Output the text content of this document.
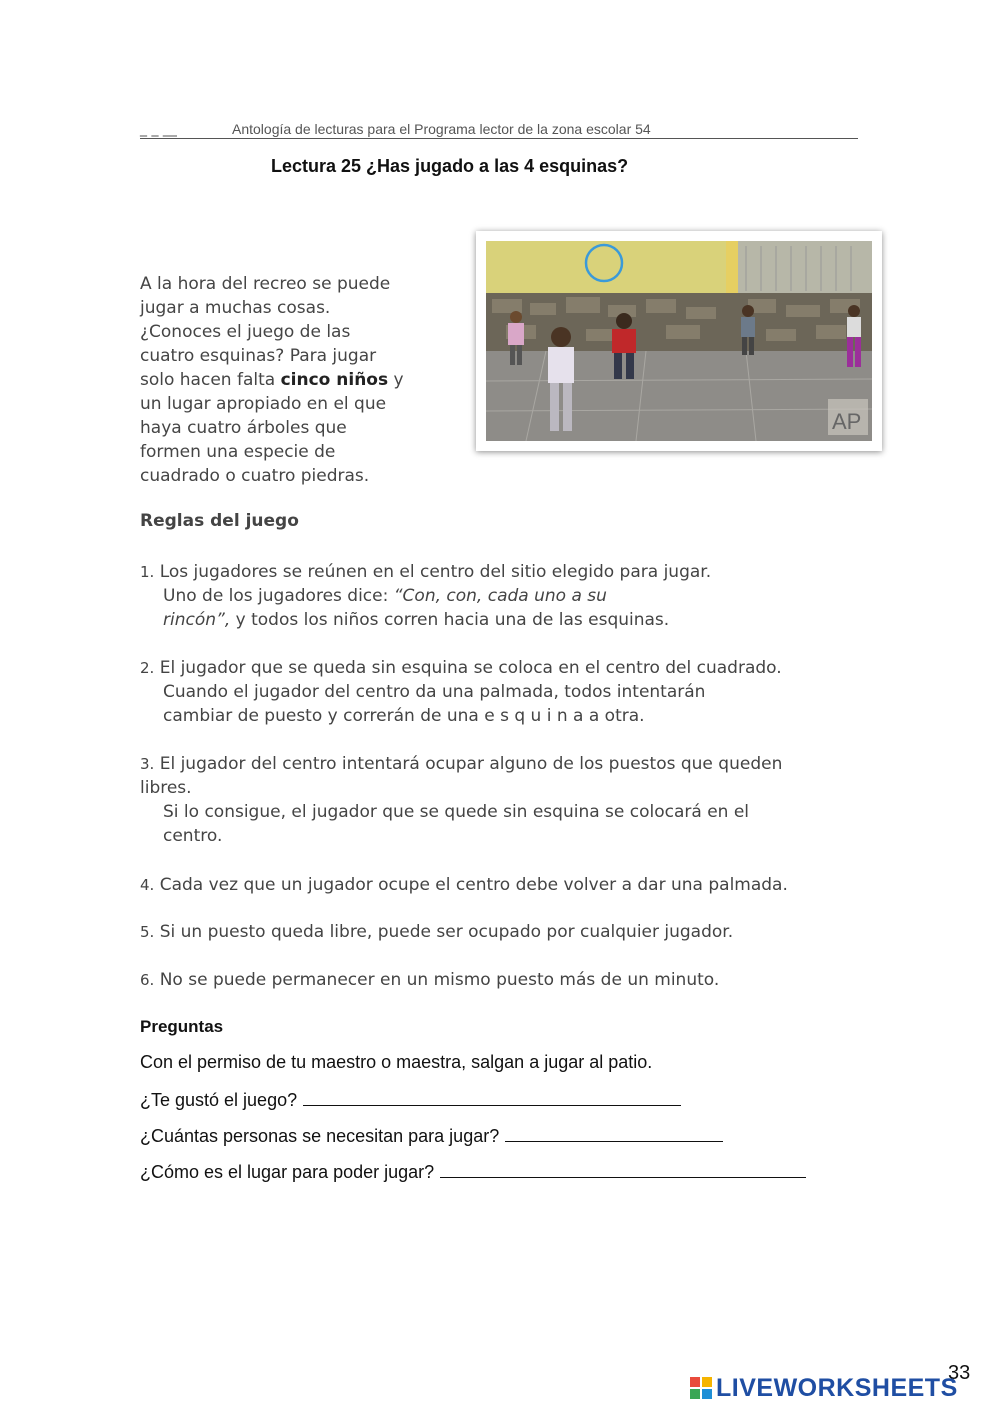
_ _ __	Antología de lecturas para el Programa lector de la zona escolar 54
Lectura 25 ¿Has jugado a las 4 esquinas?

A la hora del recreo se puede

jugar a muchas cosas.

¿Conoces el juego de las

cuatro esquinas? Para jugar

solo hacen falta cinco niños y

un lugar apropiado en el que

haya cuatro árboles que

formen una especie de

cuadrado o cuatro piedras.

AP
Reglas del juego
1. Los jugadores se reúnen en el centro del sitio elegido para jugar.
Uno de los jugadores dice: “Con, con, cada uno a su
rincón”, y todos los niños corren hacia una de las esquinas.
2. El jugador que se queda sin esquina se coloca en el centro del cuadrado.
Cuando el jugador del centro da una palmada, todos intentarán
cambiar de puesto y correrán de una e s q u i n a a otra.
3. El jugador del centro intentará ocupar alguno de los puestos que queden
libres.
Si lo consigue, el jugador que se quede sin esquina se colocará en el
centro.
4. Cada vez que un jugador ocupe el centro debe volver a dar una palmada.
5. Si un puesto queda libre, puede ser ocupado por cualquier jugador.
6. No se puede permanecer en un mismo puesto más de un minuto.
Preguntas
Con el permiso de tu maestro o maestra, salgan a jugar al patio.
¿Te gustó el juego?
¿Cuántas personas se necesitan para jugar?
¿Cómo es el lugar para poder jugar?
33
LIVEWORKSHEETS
